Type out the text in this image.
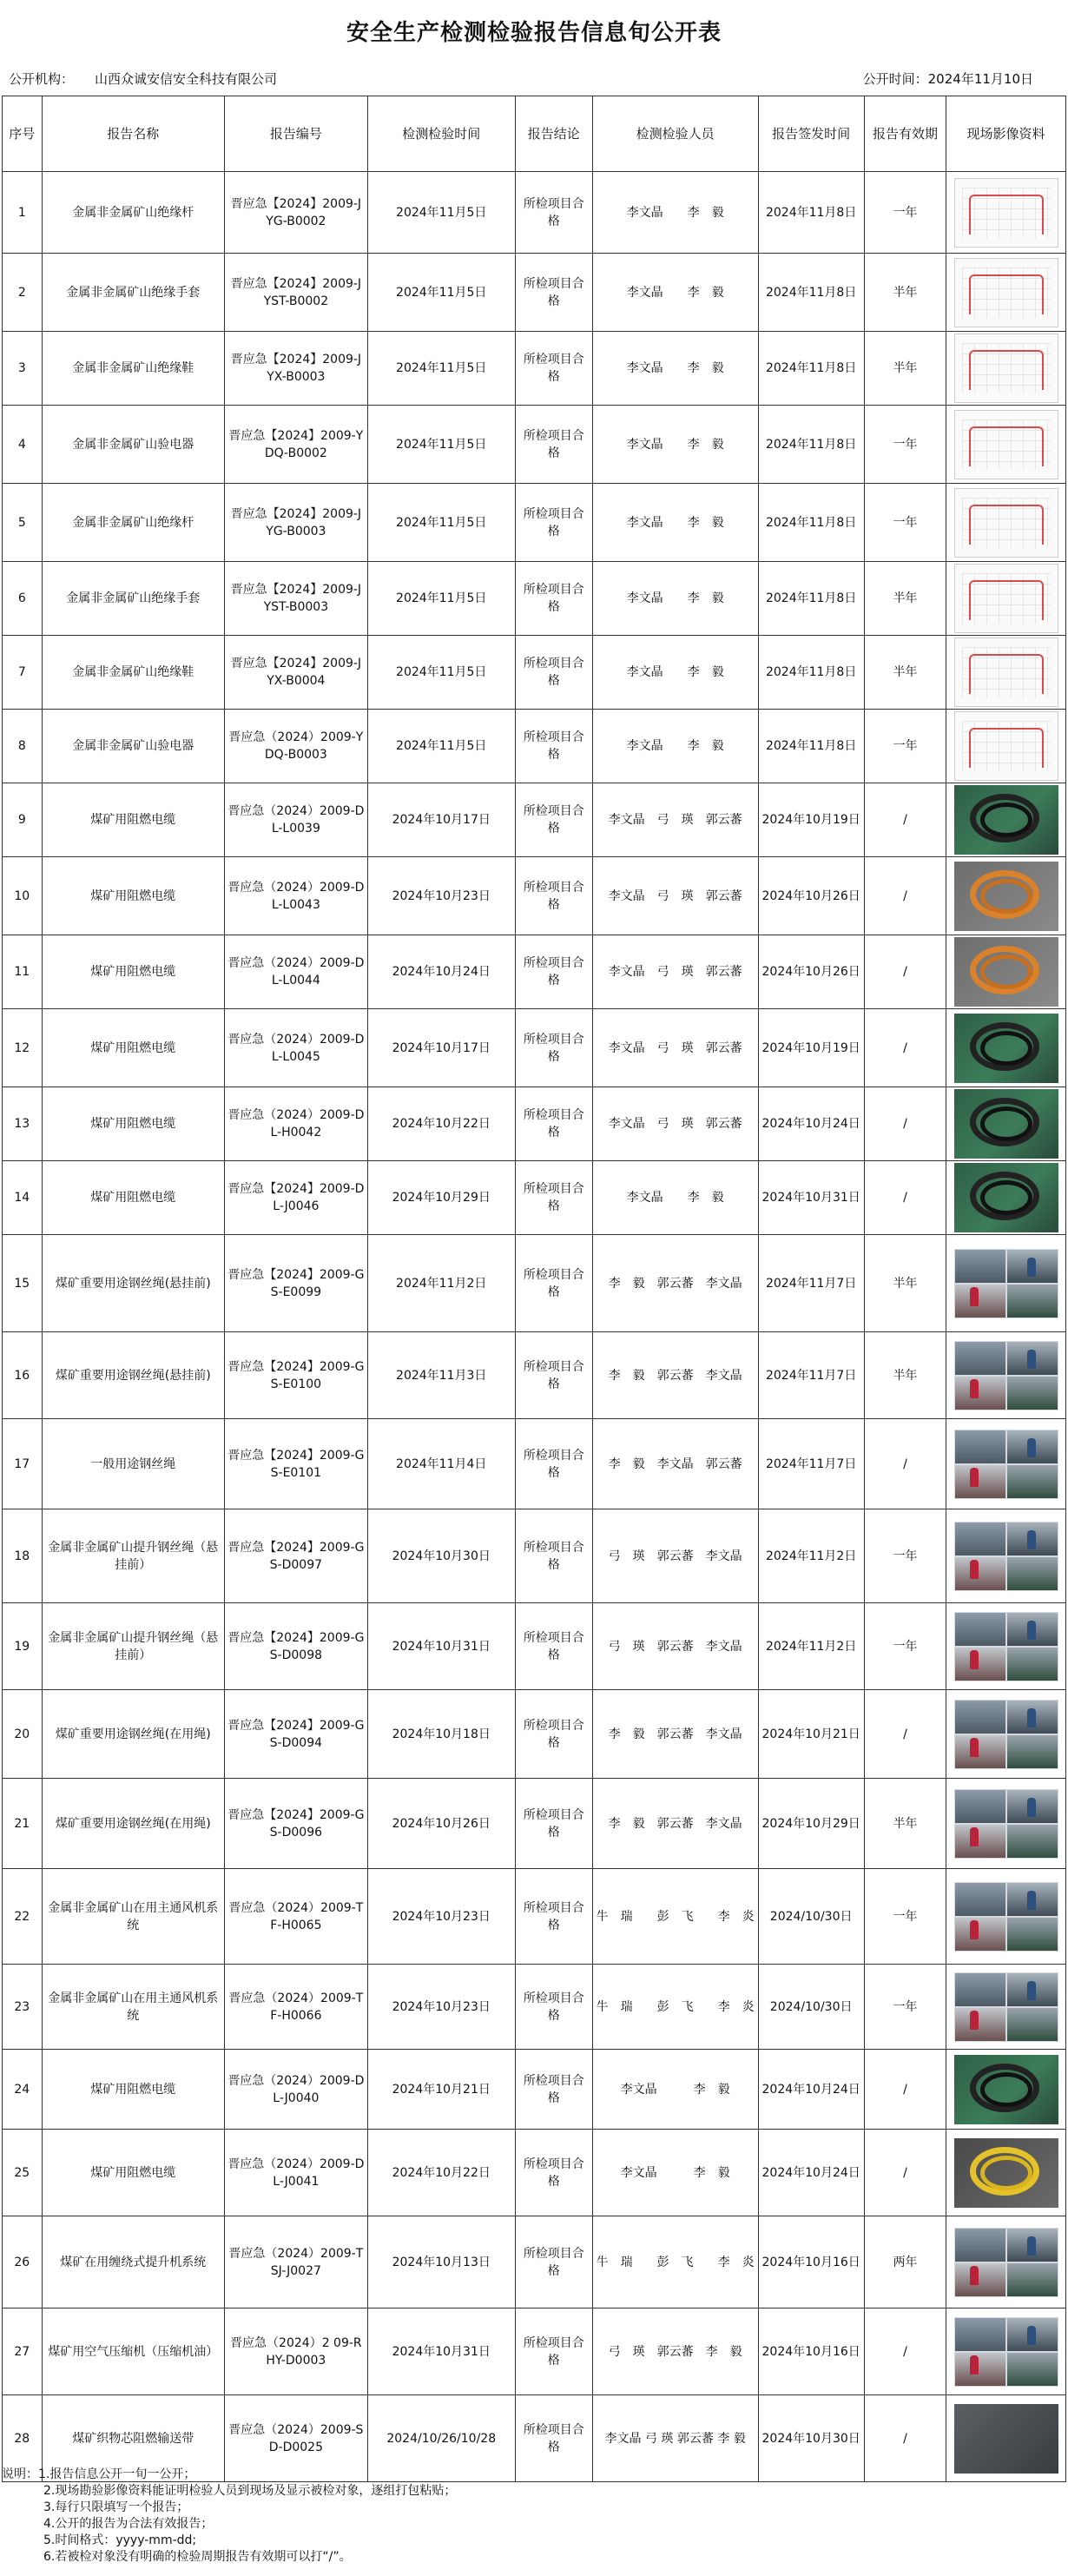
安全生产检测检验报告信息旬公开表
公开机构： 山西众诚安信安全科技有限公司	公开时间：2024年11月10日
序号	报告名称	报告编号	检测检验时间	报告结论	检测检验人员	报告签发时间	报告有效期	现场影像资料
1	金属非金属矿山绝缘杆	晋应急【2024】2009-JYG-B0002	2024年11月5日	所检项目合格	李文晶　　李　毅	2024年11月8日	一年	

2	金属非金属矿山绝缘手套	晋应急【2024】2009-JYST-B0002	2024年11月5日	所检项目合格	李文晶　　李　毅	2024年11月8日	半年	

3	金属非金属矿山绝缘鞋	晋应急【2024】2009-JYX-B0003	2024年11月5日	所检项目合格	李文晶　　李　毅	2024年11月8日	半年	

4	金属非金属矿山验电器	晋应急【2024】2009-YDQ-B0002	2024年11月5日	所检项目合格	李文晶　　李　毅	2024年11月8日	一年	

5	金属非金属矿山绝缘杆	晋应急【2024】2009-JYG-B0003	2024年11月5日	所检项目合格	李文晶　　李　毅	2024年11月8日	一年	

6	金属非金属矿山绝缘手套	晋应急【2024】2009-JYST-B0003	2024年11月5日	所检项目合格	李文晶　　李　毅	2024年11月8日	半年	

7	金属非金属矿山绝缘鞋	晋应急【2024】2009-JYX-B0004	2024年11月5日	所检项目合格	李文晶　　李　毅	2024年11月8日	半年	

8	金属非金属矿山验电器	晋应急（2024）2009-YDQ-B0003	2024年11月5日	所检项目合格	李文晶　　李　毅	2024年11月8日	一年	

9	煤矿用阻燃电缆	晋应急（2024）2009-DL-L0039	2024年10月17日	所检项目合格	李文晶　弓　瑛　郭云蕃	2024年10月19日	/	

10	煤矿用阻燃电缆	晋应急（2024）2009-DL-L0043	2024年10月23日	所检项目合格	李文晶　弓　瑛　郭云蕃	2024年10月26日	/	

11	煤矿用阻燃电缆	晋应急（2024）2009-DL-L0044	2024年10月24日	所检项目合格	李文晶　弓　瑛　郭云蕃	2024年10月26日	/	

12	煤矿用阻燃电缆	晋应急（2024）2009-DL-L0045	2024年10月17日	所检项目合格	李文晶　弓　瑛　郭云蕃	2024年10月19日	/	

13	煤矿用阻燃电缆	晋应急（2024）2009-DL-H0042	2024年10月22日	所检项目合格	李文晶　弓　瑛　郭云蕃	2024年10月24日	/	

14	煤矿用阻燃电缆	晋应急【2024】2009-DL-J0046	2024年10月29日	所检项目合格	李文晶　　李　毅	2024年10月31日	/	

15	煤矿重要用途钢丝绳(悬挂前)	晋应急【2024】2009-GS-E0099	2024年11月2日	所检项目合格	李　毅　郭云蕃　李文晶	2024年11月7日	半年	

16	煤矿重要用途钢丝绳(悬挂前)	晋应急【2024】2009-GS-E0100	2024年11月3日	所检项目合格	李　毅　郭云蕃　李文晶	2024年11月7日	半年	

17	一般用途钢丝绳	晋应急【2024】2009-GS-E0101	2024年11月4日	所检项目合格	李　毅　李文晶　郭云蕃	2024年11月7日	/	

18	金属非金属矿山提升钢丝绳（悬挂前）	晋应急【2024】2009-GS-D0097	2024年10月30日	所检项目合格	弓　瑛　郭云蕃　李文晶	2024年11月2日	一年	

19	金属非金属矿山提升钢丝绳（悬挂前）	晋应急【2024】2009-GS-D0098	2024年10月31日	所检项目合格	弓　瑛　郭云蕃　李文晶	2024年11月2日	一年	

20	煤矿重要用途钢丝绳(在用绳)	晋应急【2024】2009-GS-D0094	2024年10月18日	所检项目合格	李　毅　郭云蕃　李文晶	2024年10月21日	/	

21	煤矿重要用途钢丝绳(在用绳)	晋应急【2024】2009-GS-D0096	2024年10月26日	所检项目合格	李　毅　郭云蕃　李文晶	2024年10月29日	半年	

22	金属非金属矿山在用主通风机系统	晋应急（2024）2009-TF-H0065	2024年10月23日	所检项目合格	牛　瑞　　彭　飞　　李　炎	2024/10/30日	一年	

23	金属非金属矿山在用主通风机系统	晋应急（2024）2009-TF-H0066	2024年10月23日	所检项目合格	牛　瑞　　彭　飞　　李　炎	2024/10/30日	一年	

24	煤矿用阻燃电缆	晋应急（2024）2009-DL-J0040	2024年10月21日	所检项目合格	李文晶　　　李　毅	2024年10月24日	/	

25	煤矿用阻燃电缆	晋应急（2024）2009-DL-J0041	2024年10月22日	所检项目合格	李文晶　　　李　毅	2024年10月24日	/	

26	煤矿在用缠绕式提升机系统	晋应急（2024）2009-TSJ-J0027	2024年10月13日	所检项目合格	牛　瑞　　彭　飞　　李　炎	2024年10月16日	两年	

27	煤矿用空气压缩机（压缩机油）	晋应急（2024）2 09-RHY-D0003	2024年10月31日	所检项目合格	弓　瑛　郭云蕃　李　毅	2024年10月16日	/	

28	煤矿织物芯阻燃输送带	晋应急（2024）2009-SD-D0025	2024/10/26/10/28	所检项目合格	李文晶 弓 瑛 郭云蕃 李 毅	2024年10月30日	/	
说明：1.报告信息公开一旬一公开；
2.现场勘验影像资料能证明检验人员到现场及显示被检对象，逐组打包粘贴；
3.每行只限填写一个报告；
4.公开的报告为合法有效报告；
5.时间格式：yyyy-mm-dd;
6.若被检对象没有明确的检验周期报告有效期可以打“/”。
